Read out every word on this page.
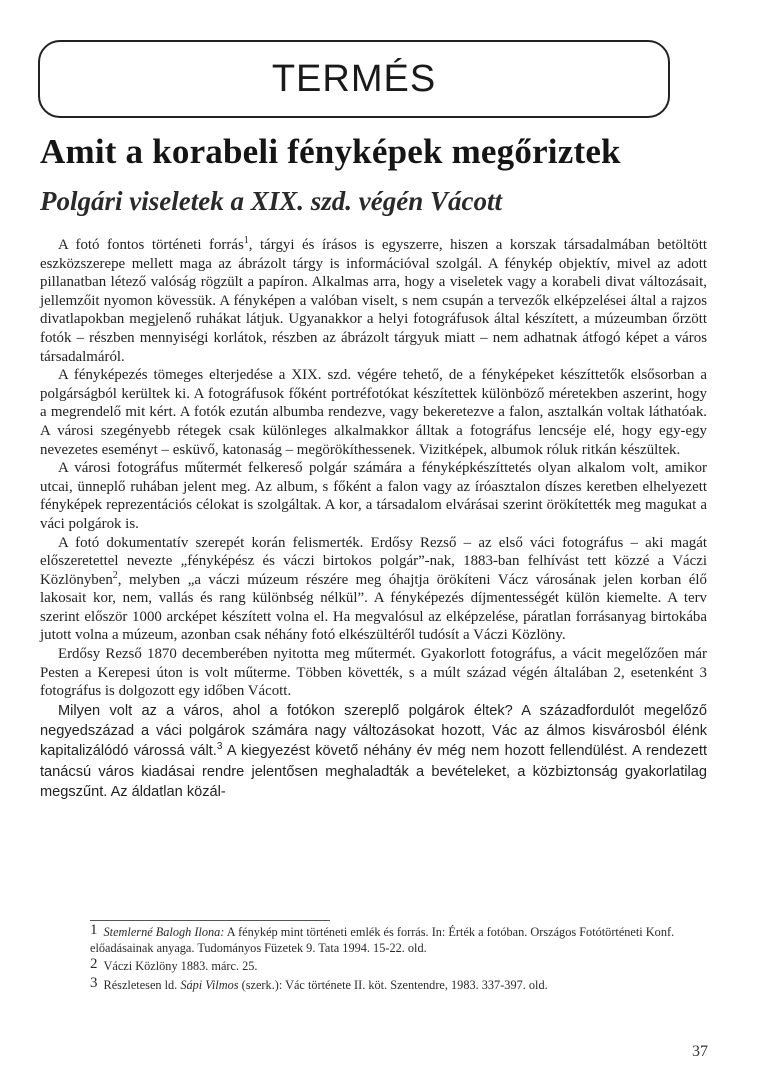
TERMÉS
Amit a korabeli fényképek megőriztek
Polgári viseletek a XIX. szd. végén Vácott

A fotó fontos történeti forrás$^1$, tárgyi és írásos is egyszerre, hiszen a korszak társadalmában betöltött eszközszerepe mellett maga az ábrázolt tárgy is információval szolgál. A fénykép objektív, mivel az adott pillanatban létező valóság rögzült a papíron. Alkalmas arra, hogy a viseletek vagy a korabeli divat változásait, jellemzőit nyomon kövessük. A fényképen a valóban viselt, s nem csupán a tervezők elképzelései által a rajzos divatlapokban megjelenő ruhákat látjuk. Ugyanakkor a helyi fotográfusok által készített, a múzeumban őrzött fotók – részben mennyiségi korlátok, részben az ábrázolt tárgyuk miatt – nem adhatnak átfogó képet a város társadalmáról.

A fényképezés tömeges elterjedése a XIX. szd. végére tehető, de a fényképeket készíttetők elsősorban a polgárságból kerültek ki. A fotográfusok főként portréfotókat készítettek különböző méretekben aszerint, hogy a megrendelő mit kért. A fotók ezután albumba rendezve, vagy bekeretezve a falon, asztalkán voltak láthatóak. A városi szegényebb rétegek csak különleges alkalmakkor álltak a fotográfus lencséje elé, hogy egy-egy nevezetes eseményt – esküvő, katonaság – megörökíthessenek. Vizitképek, albumok róluk ritkán készültek.

A városi fotográfus műtermét felkereső polgár számára a fényképkészíttetés olyan alkalom volt, amikor utcai, ünneplő ruhában jelent meg. Az album, s főként a falon vagy az íróasztalon díszes keretben elhelyezett fényképek reprezentációs célokat is szolgáltak. A kor, a társadalom elvárásai szerint örökítették meg magukat a váci polgárok is.

A fotó dokumentatív szerepét korán felismerték. Erdősy Rezső – az első váci fotográfus – aki magát előszeretettel nevezte „fényképész és váczi birtokos polgár”-nak, 1883-ban felhívást tett közzé a Váczi Közlönyben$^2$, melyben „a váczi múzeum részére meg óhajtja örökíteni Vácz városának jelen korban élő lakosait kor, nem, vallás és rang különbség nélkül”. A fényképezés díjmentességét külön kiemelte. A terv szerint először 1000 arcképet készített volna el. Ha megvalósul az elképzelése, páratlan forrásanyag birtokába jutott volna a múzeum, azonban csak néhány fotó elkészültéről tudósít a Váczi Közlöny.

Erdősy Rezső 1870 decemberében nyitotta meg műtermét. Gyakorlott fotográfus, a vácit megelőzően már Pesten a Kerepesi úton is volt műterme. Többen követték, s a múlt század végén általában 2, esetenként 3 fotográfus is dolgozott egy időben Vácott.

Milyen volt az a város, ahol a fotókon szereplő polgárok éltek? A századfordulót megelőző negyedszázad a váci polgárok számára nagy változásokat hozott, Vác az álmos kisvárosból élénk kapitalizálódó várossá vált.$^3$ A kiegyezést követő néhány év még nem hozott fellendülést. A rendezett tanácsú város kiadásai rendre jelentősen meghaladták a bevételeket, a közbiztonság gyakorlatilag megszűnt. Az áldatlan közál-

1 Stemlerné Balogh Ilona: A fénykép mint történeti emlék és forrás. In: Érték a fotóban. Országos Fotótörténeti Konf. előadásainak anyaga. Tudományos Füzetek 9. Tata 1994. 15-22. old.

2 Váczi Közlöny 1883. márc. 25.

3 Részletesen ld. Sápi Vilmos (szerk.): Vác története II. köt. Szentendre, 1983. 337-397. old.

37
